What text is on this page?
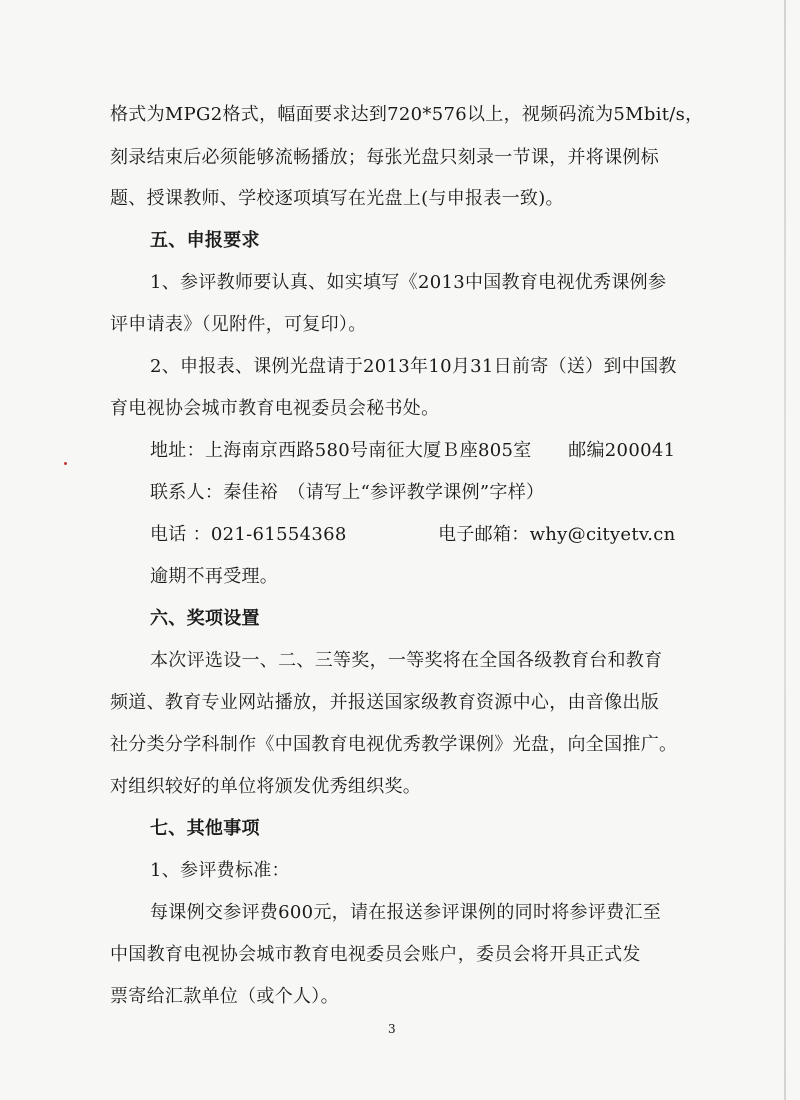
格式为MPG2格式，幅面要求达到720*576以上，视频码流为5Mbit/s，
刻录结束后必须能够流畅播放；每张光盘只刻录一节课，并将课例标
题、授课教师、学校逐项填写在光盘上(与申报表一致)。
五、申报要求
1、参评教师要认真、如实填写《2013中国教育电视优秀课例参
评申请表》（见附件，可复印）。
2、申报表、课例光盘请于2013年10月31日前寄（送）到中国教
育电视协会城市教育电视委员会秘书处。
地址：上海南京西路580号南征大厦Ｂ座805室　　邮编200041
联系人：秦佳裕　（请写上“参评教学课例”字样）
电话 ：021-61554368　　　　　电子邮箱：why@cityetv.cn
逾期不再受理。
六、奖项设置
本次评选设一、二、三等奖，一等奖将在全国各级教育台和教育
频道、教育专业网站播放，并报送国家级教育资源中心，由音像出版
社分类分学科制作《中国教育电视优秀教学课例》光盘，向全国推广。
对组织较好的单位将颁发优秀组织奖。
七、其他事项
1、参评费标准：
每课例交参评费600元，请在报送参评课例的同时将参评费汇至
中国教育电视协会城市教育电视委员会账户，委员会将开具正式发
票寄给汇款单位（或个人）。
3
